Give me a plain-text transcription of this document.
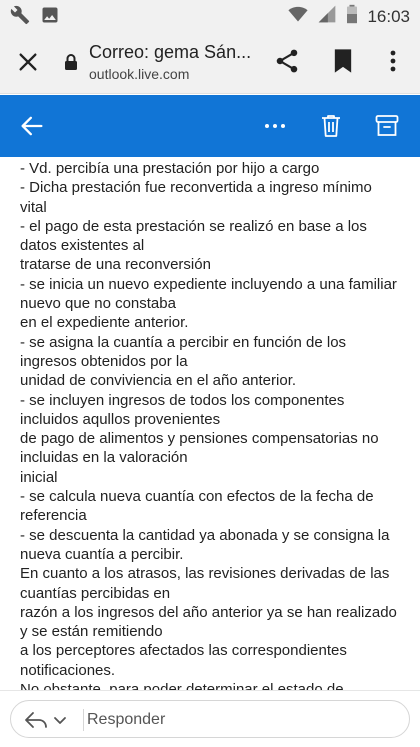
16:03
Correo: gema Sán...
outlook.live.com
- Vd. percibía una prestación por hijo a cargo
- Dicha prestación fue reconvertida a ingreso mínimo
vital
- el pago de esta prestación se realizó en base a los
datos existentes al
tratarse de una reconversión
- se inicia un nuevo expediente incluyendo a una familiar
nuevo que no constaba
en el expediente anterior.
- se asigna la cuantía a percibir en función de los
ingresos obtenidos por la
unidad de conviviencia en el año anterior.
- se incluyen ingresos de todos los componentes
incluidos aqullos provenientes
de pago de alimentos y pensiones compensatorias no
incluidas en la valoración
inicial
- se calcula nueva cuantía con efectos de la fecha de
referencia
- se descuenta la cantidad ya abonada y se consigna la
nueva cuantía a percibir.
En cuanto a los atrasos, las revisiones derivadas de las
cuantías percibidas en
razón a los ingresos del año anterior ya se han realizado
y se están remitiendo
a los perceptores afectados las correspondientes
notificaciones.
Responder
